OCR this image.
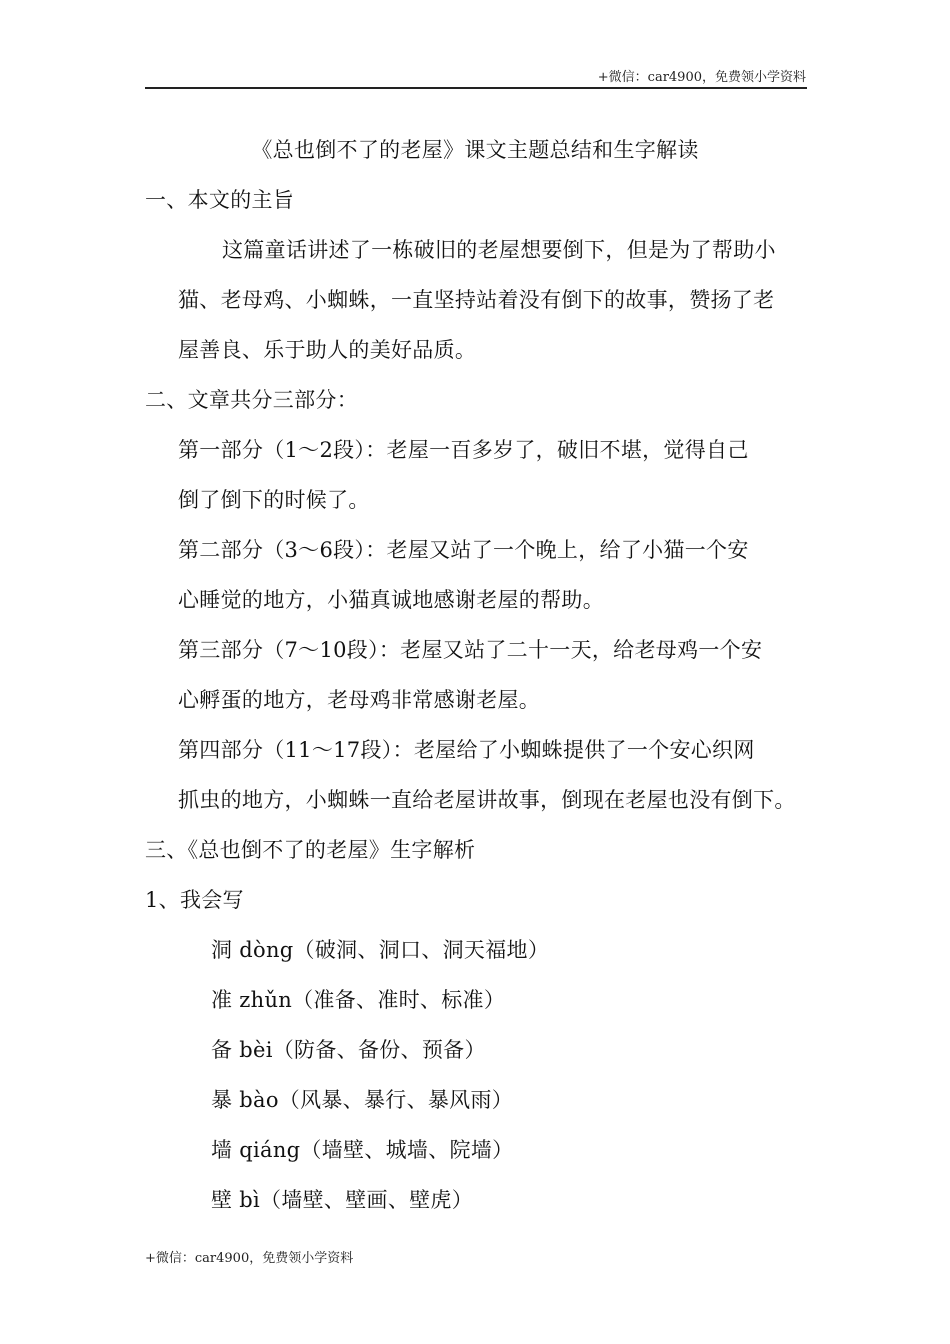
+微信：car4900，免费领小学资料
《总也倒不了的老屋》课文主题总结和生字解读
一、本文的主旨
这篇童话讲述了一栋破旧的老屋想要倒下，但是为了帮助小
猫、老母鸡、小蜘蛛，一直坚持站着没有倒下的故事，赞扬了老
屋善良、乐于助人的美好品质。
二、文章共分三部分：
第一部分（1～2段）：老屋一百多岁了，破旧不堪，觉得自己
倒了倒下的时候了。
第二部分（3～6段）：老屋又站了一个晚上，给了小猫一个安
心睡觉的地方，小猫真诚地感谢老屋的帮助。
第三部分（7～10段）：老屋又站了二十一天，给老母鸡一个安
心孵蛋的地方，老母鸡非常感谢老屋。
第四部分（11～17段）：老屋给了小蜘蛛提供了一个安心织网
抓虫的地方，小蜘蛛一直给老屋讲故事，倒现在老屋也没有倒下。
三、《总也倒不了的老屋》生字解析
1、我会写
洞 dòng（破洞、洞口、洞天福地）
准 zhǔn（准备、准时、标准）
备 bèi（防备、备份、预备）
暴 bào（风暴、暴行、暴风雨）
墙 qiáng（墙壁、城墙、院墙）
壁 bì（墙壁、壁画、壁虎）
+微信：car4900，免费领小学资料
